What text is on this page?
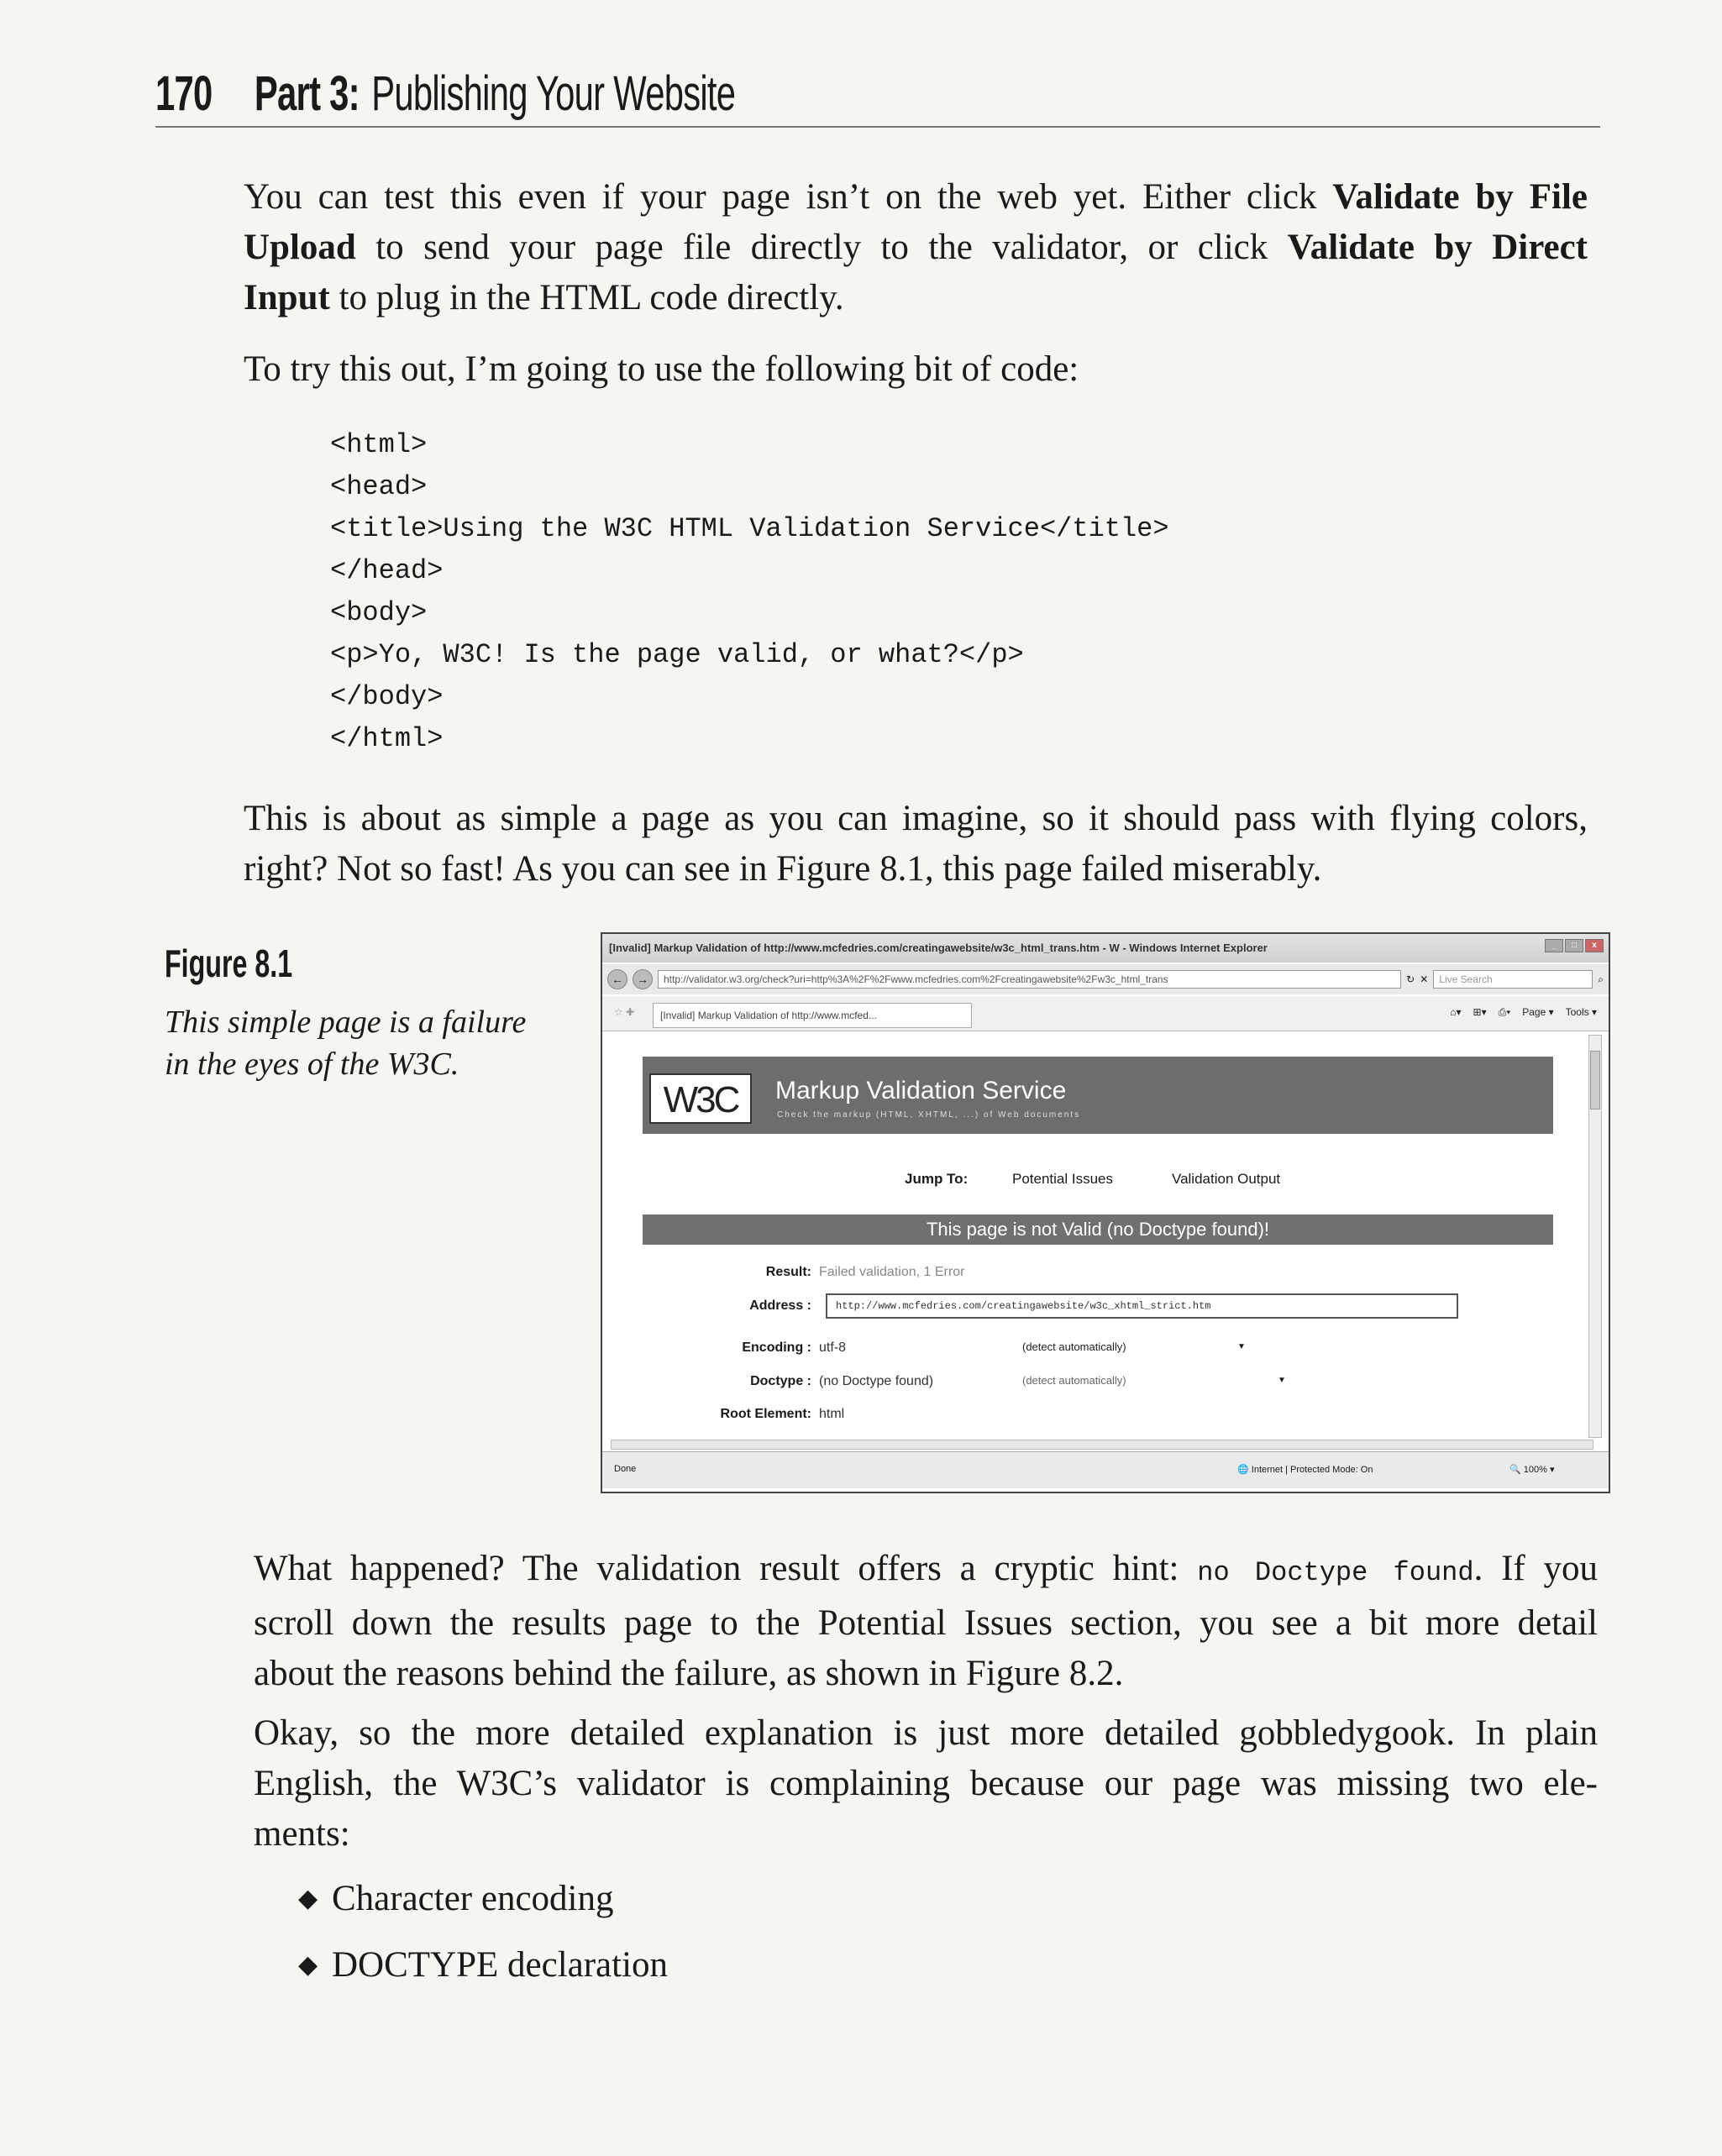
170 Part 3: Publishing Your Website
You can test this even if your page isn’t on the web yet. Either click Validate by File
Upload to send your page file directly to the validator, or click Validate by Direct
Input to plug in the HTML code directly.
To try this out, I’m going to use the following bit of code:
<html>
<head>
<title>Using the W3C HTML Validation Service</title>
</head>
<body>
<p>Yo, W3C! Is the page valid, or what?</p>
</body>
</html>
This is about as simple a page as you can imagine, so it should pass with flying colors,
right? Not so fast! As you can see in Figure 8.1, this page failed miserably.
Figure 8.1
This simple page is a failure in the eyes of the W3C.
[Invalid] Markup Validation of http://www.mcfedries.com/creatingawebsite/w3c_html_trans.htm - W - Windows Internet Explorer	_	□	x
←	→	http://validator.w3.org/check?uri=http%3A%2F%2Fwww.mcfedries.com%2Fcreatingawebsite%2Fw3c_html_trans	↻ ✕	Live Search	⌕
☆ ✚	[Invalid] Markup Validation of http://www.mcfed...	⌂▾ ⊞▾ ⎙▾ Page ▾ Tools ▾
W3C	Markup Validation Service
Check the markup (HTML, XHTML, ...) of Web documents
Jump To:	Potential Issues	Validation Output
This page is not Valid (no Doctype found)!
Result: Failed validation, 1 Error
Address :	http://www.mcfedries.com/creatingawebsite/w3c_xhtml_strict.htm
Encoding : utf-8	(detect automatically)	▼
Doctype : (no Doctype found)	(detect automatically)	▼
Root Element: html
Done	🌐 Internet | Protected Mode: On	🔍 100% ▾
What happened? The validation result offers a cryptic hint: no Doctype found. If you
scroll down the results page to the Potential Issues section, you see a bit more detail
about the reasons behind the failure, as shown in Figure 8.2.
Okay, so the more detailed explanation is just more detailed gobbledygook. In plain
English, the W3C’s validator is complaining because our page was missing two ele-
ments:
◆ Character encoding
◆ DOCTYPE declaration
